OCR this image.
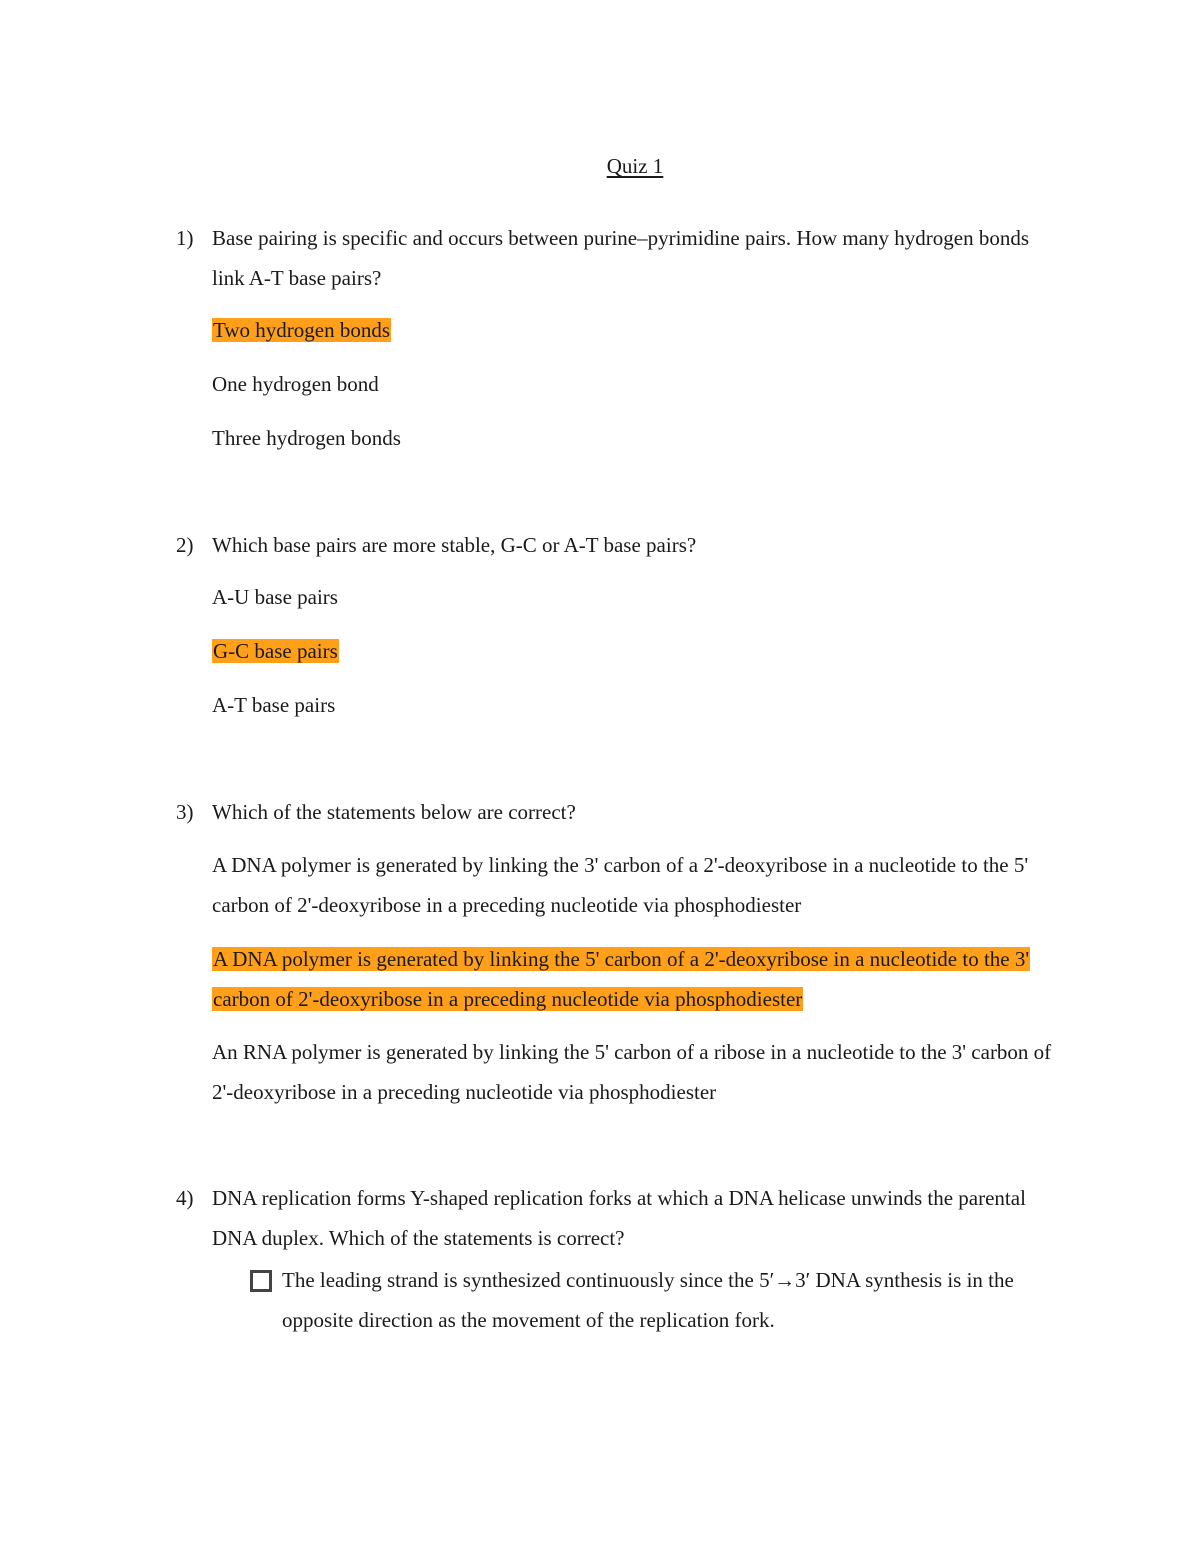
Quiz 1
1) Base pairing is specific and occurs between purine–pyrimidine pairs. How many hydrogen bonds link A-T base pairs?
Two hydrogen bonds
One hydrogen bond
Three hydrogen bonds
2) Which base pairs are more stable, G-C or A-T base pairs?
A-U base pairs
G-C base pairs
A-T base pairs
3) Which of the statements below are correct?
A DNA polymer is generated by linking the 3' carbon of a 2'-deoxyribose in a nucleotide to the 5' carbon of 2'-deoxyribose in a preceding nucleotide via phosphodiester
A DNA polymer is generated by linking the 5' carbon of a 2'-deoxyribose in a nucleotide to the 3' carbon of 2'-deoxyribose in a preceding nucleotide via phosphodiester
An RNA polymer is generated by linking the 5' carbon of a ribose in a nucleotide to the 3' carbon of 2'-deoxyribose in a preceding nucleotide via phosphodiester
4) DNA replication forms Y-shaped replication forks at which a DNA helicase unwinds the parental DNA duplex. Which of the statements is correct?
The leading strand is synthesized continuously since the 5′→3′ DNA synthesis is in the opposite direction as the movement of the replication fork.
